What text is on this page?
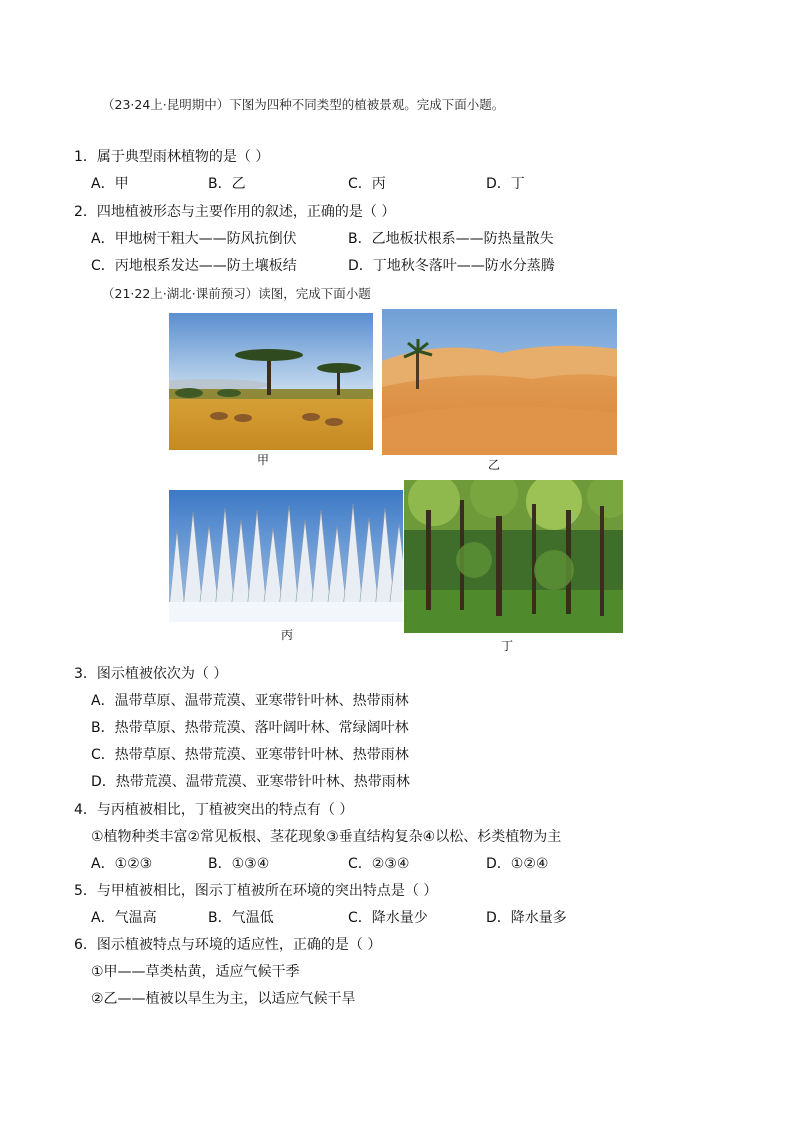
（23·24上·昆明期中）下图为四种不同类型的植被景观。完成下面小题。
1．属于典型雨林植物的是（ ）
A．甲	B．乙	C．丙	D．丁
2．四地植被形态与主要作用的叙述，正确的是（ ）
A．甲地树干粗大——防风抗倒伏	B．乙地板状根系——防热量散失
C．丙地根系发达——防土壤板结	D．丁地秋冬落叶——防水分蒸腾
（21·22上·湖北·课前预习）读图，完成下面小题
甲	乙
丙
丁
3．图示植被依次为（ ）
A．温带草原、温带荒漠、亚寒带针叶林、热带雨林
B．热带草原、热带荒漠、落叶阔叶林、常绿阔叶林
C．热带草原、热带荒漠、亚寒带针叶林、热带雨林
D．热带荒漠、温带荒漠、亚寒带针叶林、热带雨林
4．与丙植被相比，丁植被突出的特点有（ ）
①植物种类丰富②常见板根、茎花现象③垂直结构复杂④以松、杉类植物为主
A．①②③	B．①③④	C．②③④	D．①②④
5．与甲植被相比，图示丁植被所在环境的突出特点是（ ）
A．气温高	B．气温低	C．降水量少	D．降水量多
6．图示植被特点与环境的适应性，正确的是（ ）
①甲——草类枯黄，适应气候干季
②乙——植被以旱生为主，以适应气候干旱
